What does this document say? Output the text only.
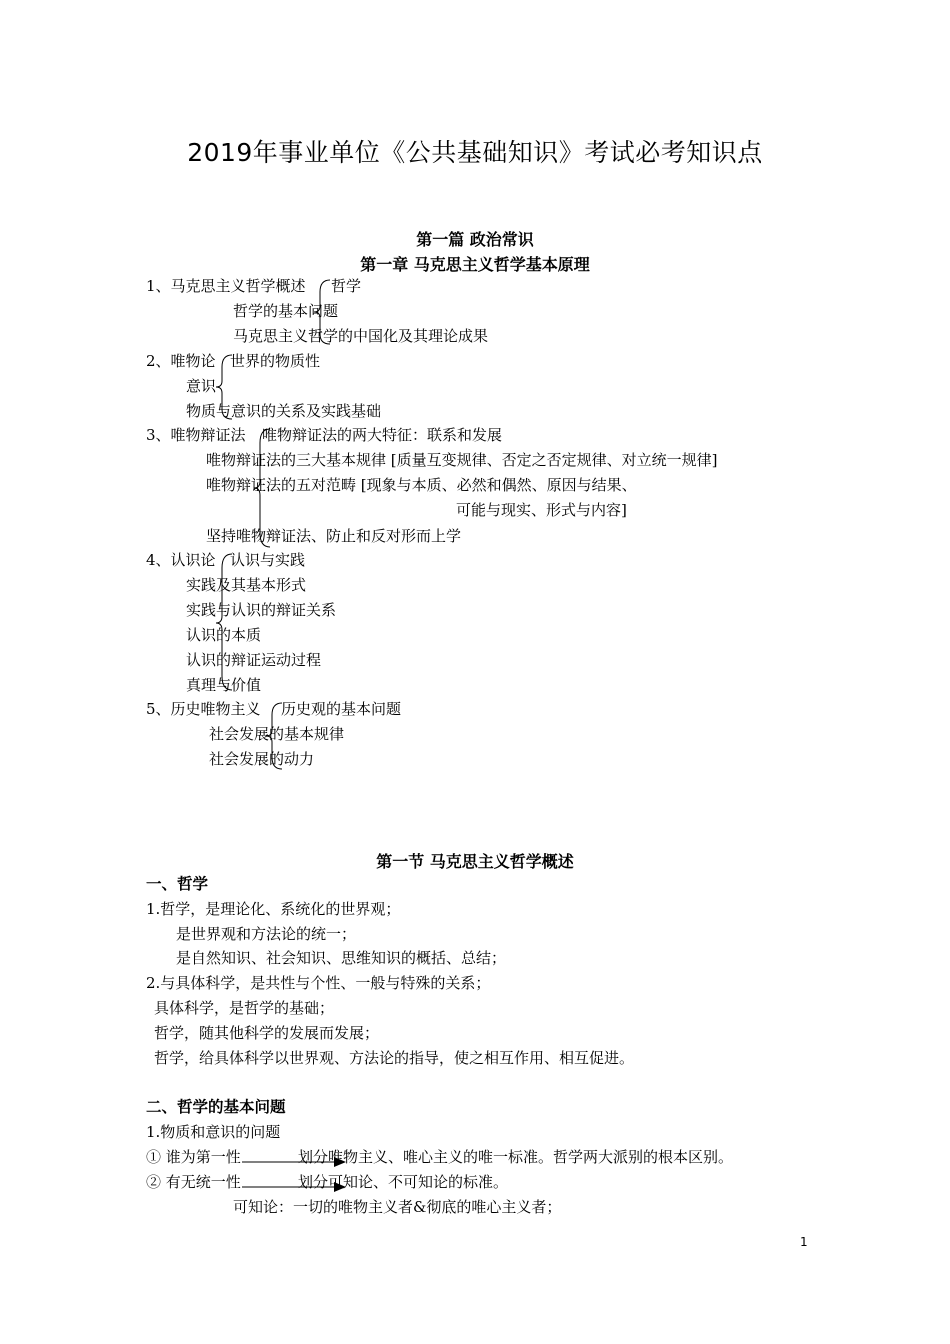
2019年事业单位《公共基础知识》考试必考知识点
第一篇 政治常识
第一章 马克思主义哲学基本原理
1、马克思主义哲学概述 哲学
哲学的基本问题
马克思主义哲学的中国化及其理论成果
2、唯物论 世界的物质性
意识
物质与意识的关系及实践基础
3、唯物辩证法 唯物辩证法的两大特征：联系和发展
唯物辩证法的三大基本规律 [质量互变规律、否定之否定规律、对立统一规律]
唯物辩证法的五对范畴 [现象与本质、必然和偶然、原因与结果、
可能与现实、形式与内容]
坚持唯物辩证法、防止和反对形而上学
4、认识论 认识与实践
实践及其基本形式
实践与认识的辩证关系
认识的本质
认识的辩证运动过程
真理与价值
5、历史唯物主义 历史观的基本问题
社会发展的基本规律
社会发展的动力
第一节 马克思主义哲学概述
一、哲学
1.哲学，是理论化、系统化的世界观；
是世界观和方法论的统一；
是自然知识、社会知识、思维知识的概括、总结；
2.与具体科学，是共性与个性、一般与特殊的关系；
具体科学，是哲学的基础；
哲学，随其他科学的发展而发展；
哲学，给具体科学以世界观、方法论的指导，使之相互作用、相互促进。
二、哲学的基本问题
1.物质和意识的问题
① 谁为第一性	划分唯物主义、唯心主义的唯一标准。哲学两大派别的根本区别。
② 有无统一性	划分可知论、不可知论的标准。
可知论：一切的唯物主义者&彻底的唯心主义者；
1
